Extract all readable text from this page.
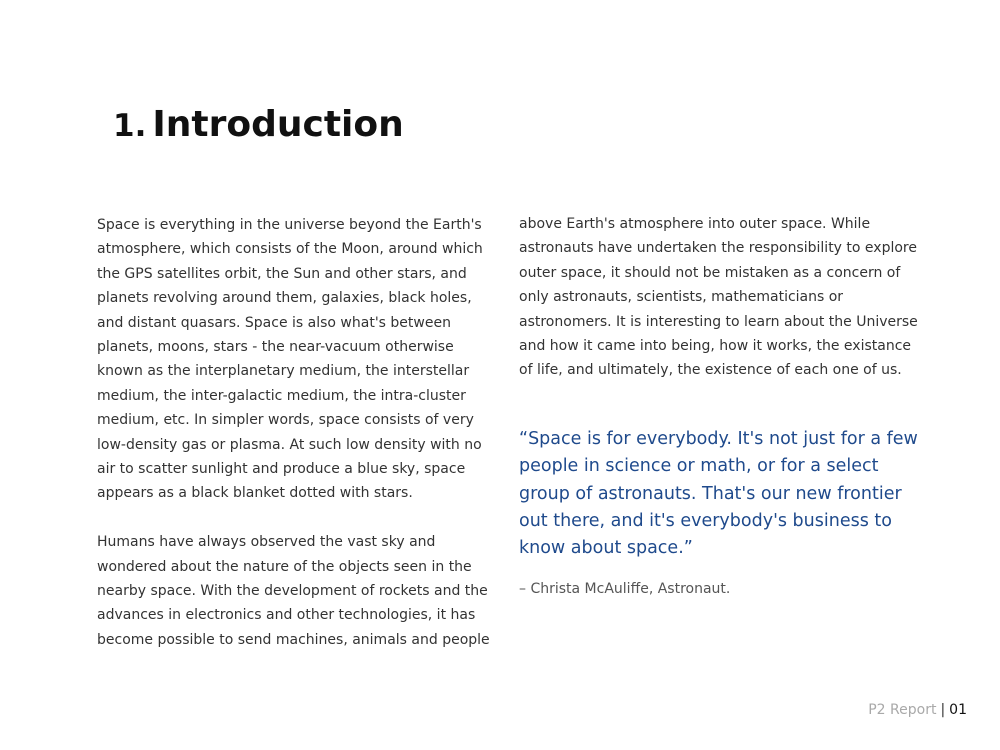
1. Introduction

Space is everything in the universe beyond the Earth's atmosphere, which consists of the Moon, around which the GPS satellites orbit, the Sun and other stars, and planets revolving around them, galaxies, black holes, and distant quasars. Space is also what's between planets, moons, stars - the near-vacuum otherwise known as the interplanetary medium, the interstellar medium, the inter-galactic medium, the intra-cluster medium, etc. In simpler words, space consists of very low-density gas or plasma. At such low density with no air to scatter sunlight and produce a blue sky, space appears as a black blanket dotted with stars.

Humans have always observed the vast sky and wondered about the nature of the objects seen in the nearby space. With the development of rockets and the advances in electronics and other technologies, it has become possible to send machines, animals and people

above Earth's atmosphere into outer space. While astronauts have undertaken the responsibility to explore outer space, it should not be mistaken as a concern of only astronauts, scientists, mathematicians or astronomers. It is interesting to learn about the Universe and how it came into being, how it works, the existance of life, and ultimately, the existence of each one of us.

“Space is for everybody. It's not just for a few people in science or math, or for a select group of astronauts. That's our new frontier out there, and it's everybody's business to know about space.”
– Christa McAuliffe, Astronaut.
P2 Report | 01
